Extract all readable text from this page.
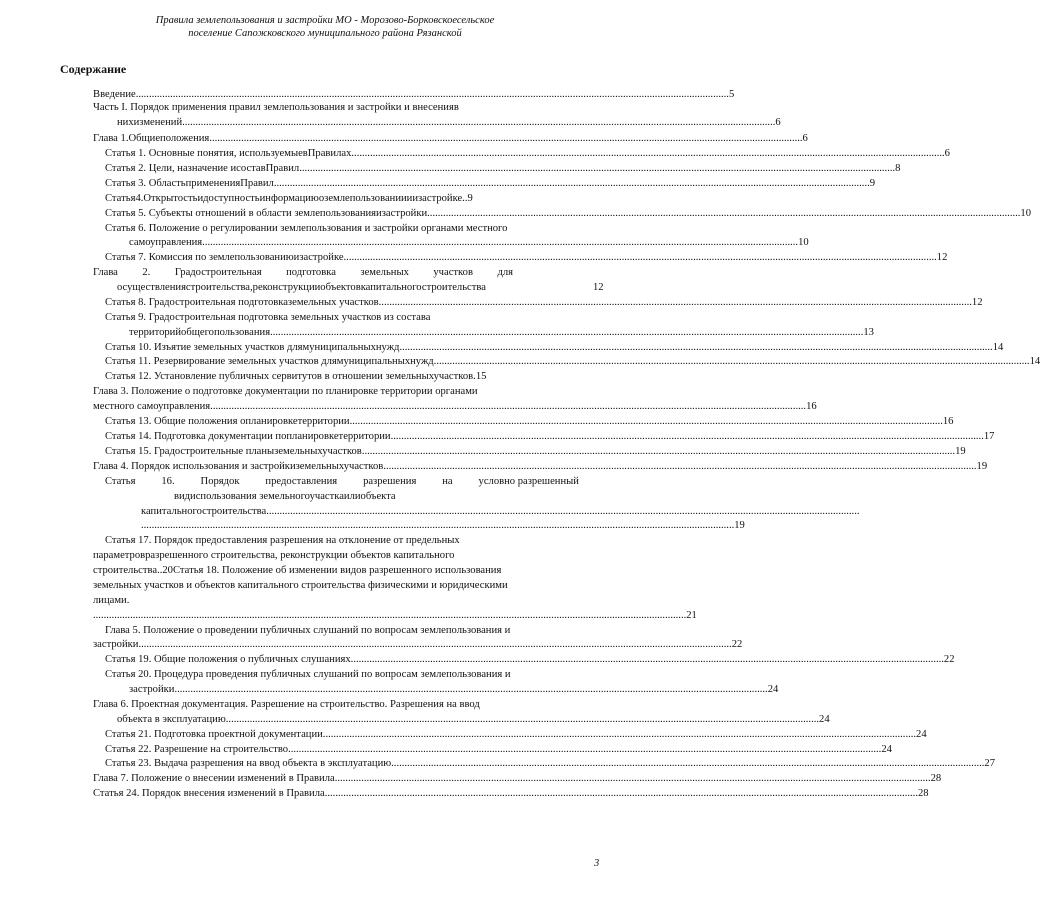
Правила землепользования и застройки МО - Морозово-Борковскоесельское
поселение Сапожковского муниципального района Рязанской
Содержание
Введение ................................................................................................................................................................................................................................ 5
Часть I. Порядок применения правил землепользования и застройки и внесенияв
нихизменений ................................................................................................................................................................................................................................ 6
Глава 1.Общиеположения ................................................................................................................................................................................................................................ 6
Статья 1. Основные понятия, используемыевПравилах ................................................................................................................................................................................................................................ 6
Статья 2. Цели, назначение исоставПравил. ................................................................................................................................................................................................................................ 8
Статья 3. ОбластьпримененияПравил. ................................................................................................................................................................................................................................ 9
Статья4.Открытостьидоступностьинформациюоземлепользованиииизастройке.. 9
Статья 5. Субъекты отношений в области землепользованияизастройки ................................................................................................................................................................................................................................ 10
Статья 6. Положение о регулировании землепользования и застройки органами местного
самоуправления. ................................................................................................................................................................................................................................ 10
Статья 7. Комиссия по землепользованиюизастройке ................................................................................................................................................................................................................................ 12
Глава 2. Градостроительная подготовка земельных участков для
осуществлениястроительства,реконструкцииобъектовкапитальногостроительства	12
Статья 8. Градостроительная подготовказемельных участков ................................................................................................................................................................................................................................ 12
Статья 9. Градостроительная подготовка земельных участков из состава
территорийобщегопользования ................................................................................................................................................................................................................................ 13
Статья 10. Изъятие земельных участков длямуниципальныхнужд ................................................................................................................................................................................................................................ 14
Статья 11. Резервирование земельных участков длямуниципальныхнужд. ................................................................................................................................................................................................................................ 14
Статья 12. Установление публичных сервитутов в отношении земельныхучастков. 15
Глава 3. Положение о подготовке документации по планировке территории органами
местного самоуправления. ................................................................................................................................................................................................................................ 16
Статья 13. Общие положения опланировкетерритории ................................................................................................................................................................................................................................ 16
Статья 14. Подготовка документации попланировкетерритории ................................................................................................................................................................................................................................ 17
Статья 15. Градостроительные планыземельныхучастков ................................................................................................................................................................................................................................ 19
Глава 4. Порядок использования и застройкиземельныхучастков ................................................................................................................................................................................................................................ 19
Статья 16. Порядок предоставления разрешения на условно разрешенный
видиспользования земельногоучасткаилиобъекта
капитальногостроительства ................................................................................................................................................................................................................................
................................................................................................................................................................................................................................ 19
Статья 17. Порядок предоставления разрешения на отклонение от предельных
параметровразрешенного строительства, реконструкции объектов капитального
строительства..20Статья 18. Положение об изменении видов разрешенного использования
земельных участков и объектов капитального строительства физическими и юридическими
лицами.
................................................................................................................................................................................................................................ 21
Глава 5. Положение о проведении публичных слушаний по вопросам землепользования и
застройки ................................................................................................................................................................................................................................ 22
Статья 19. Общие положения о публичных слушаниях ................................................................................................................................................................................................................................ 22
Статья 20. Процедура проведения публичных слушаний по вопросам землепользования и
застройки ................................................................................................................................................................................................................................ 24
Глава 6. Проектная документация. Разрешение на строительство. Разрешения на ввод
объекта в эксплуатацию ................................................................................................................................................................................................................................ 24
Статья 21. Подготовка проектной документации ................................................................................................................................................................................................................................ 24
Статья 22. Разрешение на строительство ................................................................................................................................................................................................................................ 24
Статья 23. Выдача разрешения на ввод объекта в эксплуатацию ................................................................................................................................................................................................................................ 27
Глава 7. Положение о внесении изменений в Правила. ................................................................................................................................................................................................................................ 28
Статья 24. Порядок внесения изменений в Правила ................................................................................................................................................................................................................................ 28
3
